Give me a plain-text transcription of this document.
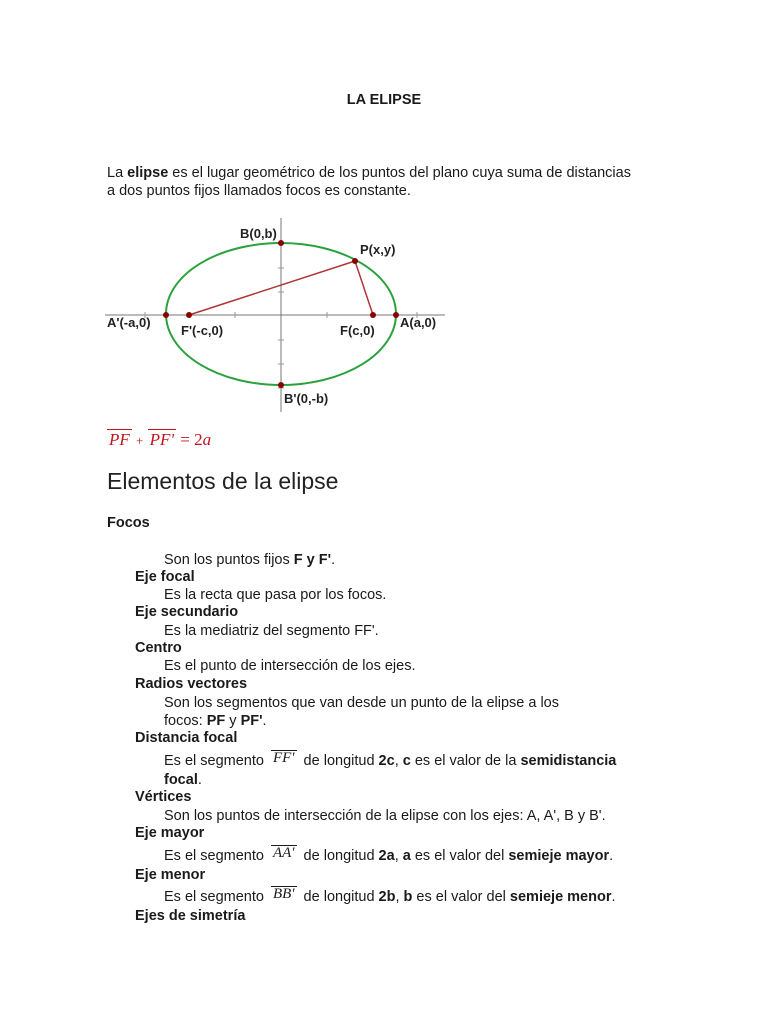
LA ELIPSE
La elipse es el lugar geométrico de los puntos del plano cuya suma de distancias
a dos puntos fijos llamados focos es constante.
B(0,b)
P(x,y)
A'(-a,0)
F'(-c,0)	F(c,0)
A(a,0)
B'(0,-b)
PF + PF' = 2a
Elementos de la elipse
Focos
Son los puntos fijos F y F'.
Eje focal
Es la recta que pasa por los focos.
Eje secundario
Es la mediatriz del segmento FF'.
Centro
Es el punto de intersección de los ejes.
Radios vectores
Son los segmentos que van desde un punto de la elipse a los
focos: PF y PF'.
Distancia focal
Es el segmento FF' de longitud 2c, c es el valor de la semidistancia
focal.
Vértices
Son los puntos de intersección de la elipse con los ejes: A, A', B y B'.
Eje mayor
Es el segmento AA' de longitud 2a, a es el valor del semieje mayor.
Eje menor
Es el segmento BB' de longitud 2b, b es el valor del semieje menor.
Ejes de simetría
